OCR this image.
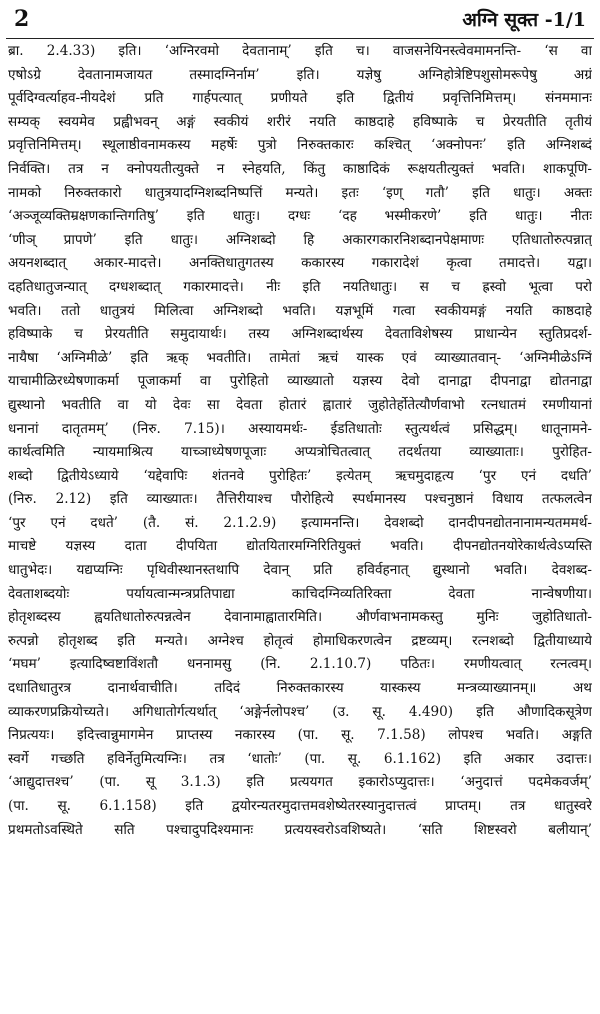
2	अग्नि सूक्त -1/1
ब्रा. 2.4.33) इति। ‘अग्निरवमो देवतानाम्’ इति च। वाजसनेयिनस्त्वेवमामनन्ति- ‘स वा
एषोऽग्रे देवतानामजायत तस्मादग्निर्नाम’ इति। यज्ञेषु अग्निहोत्रेष्टिपशुसोमरूपेषु अग्रं
पूर्वदिग्वर्त्याहव-नीयदेशं प्रति गार्हपत्यात् प्रणीयते इति द्वितीयं प्रवृत्तिनिमित्तम्। संनममानः
सम्यक् स्वयमेव प्रह्वीभवन् अङ्गं स्वकीयं शरीरं नयति काष्ठदाहे हविष्पाके च प्रेरयतीति तृतीयं
प्रवृत्तिनिमित्तम्। स्थूलाष्ठीवनामकस्य महर्षेः पुत्रो निरुक्तकारः कश्चित् ‘अक्नोपनः’ इति अग्निशब्दं
निर्वक्ति। तत्र न क्नोपयतीत्युक्ते न स्नेहयति, किंतु काष्ठादिकं रूक्षयतीत्युक्तं भवति। शाकपूणि-
नामको निरुक्तकारो धातुत्रयादग्निशब्दनिष्पत्तिं मन्यते। इतः ‘इण् गतौ’ इति धातुः। अक्तः
‘अञ्जूव्यक्तिम्रक्षणकान्तिगतिषु’ इति धातुः। दग्धः ‘दह भस्मीकरणे’ इति धातुः। नीतः
‘णीञ् प्रापणे’ इति धातुः। अग्निशब्दो हि अकारगकारनिशब्दानपेक्षमाणः एतिधातोरुत्पन्नात्
अयनशब्दात् अकार-मादत्ते। अनक्तिधातुगतस्य ककारस्य गकारादेशं कृत्वा तमादत्ते। यद्वा।
दहतिधातुजन्यात् दग्धशब्दात् गकारमादत्ते। नीः इति नयतिधातुः। स च ह्रस्वो भूत्वा परो
भवति। ततो धातुत्रयं मिलित्वा अग्निशब्दो भवति। यज्ञभूमिं गत्वा स्वकीयमङ्गं नयति काष्ठदाहे
हविष्पाके च प्रेरयतीति समुदायार्थः। तस्य अग्निशब्दार्थस्य देवताविशेषस्य प्राधान्येन स्तुतिप्रदर्श-
नायैषा ‘अग्निमीळे’ इति ऋक् भवतीति। तामेतां ऋचं यास्क एवं व्याख्यातवान्- ‘अग्निमीळेऽग्निं
याचामीळिरध्येषणाकर्मा पूजाकर्मा वा पुरोहितो व्याख्यातो यज्ञस्य देवो दानाद्वा दीपनाद्वा द्योतनाद्वा
द्युस्थानो भवतीति वा यो देवः सा देवता होतारं ह्वातारं जुहोतेर्होतेत्यौर्णवाभो रत्नधातमं रमणीयानां
धनानां दातृतमम्’ (निरु. 7.15)। अस्यायमर्थः- ईडतिधातोः स्तुत्यर्थत्वं प्रसिद्धम्। धातूनामने-
कार्थत्वमिति न्यायमाश्रित्य याच्ञाध्येषणपूजाः अप्यत्रोचितत्वात् तदर्थतया व्याख्याताः। पुरोहित-
शब्दो द्वितीयेऽध्याये ‘यद्देवापिः शंतनवे पुरोहितः’ इत्येतम् ऋचमुदाहृत्य ‘पुर एनं दधति’
(निरु. 2.12) इति व्याख्यातः। तैत्तिरीयाश्च पौरोहित्ये स्पर्धमानस्य पश्चनुष्ठानं विधाय तत्फलत्वेन
‘पुर एनं दधते’ (तै. सं. 2.1.2.9) इत्यामनन्ति। देवशब्दो दानदीपनद्योतनानामन्यतममर्थ-
माचष्टे यज्ञस्य दाता दीपयिता द्योतयितारमग्निरितियुक्तं भवति। दीपनद्योतनयोरेकार्थत्वेऽप्यस्ति
धातुभेदः। यद्यप्यग्निः पृथिवीस्थानस्तथापि देवान् प्रति हविर्वहनात् द्युस्थानो भवति। देवशब्द-
देवताशब्दयोः पर्यायत्वान्मन्त्रप्रतिपाद्या काचिदग्निव्यतिरिक्ता देवता नान्वेषणीया।
होतृशब्दस्य ह्वयतिधातोरुत्पन्नत्वेन देवानामाह्वातारमिति। और्णवाभनामकस्तु मुनिः जुहोतिधातो-
रुत्पन्नो होतृशब्द इति मन्यते। अग्नेश्च होतृत्वं होमाधिकरणत्वेन द्रष्टव्यम्। रत्नशब्दो द्वितीयाध्याये
‘मघम’ इत्यादिष्वष्टाविंशतौ धननामसु (नि. 2.1.10.7) पठितः। रमणीयत्वात् रत्नत्वम्।
दधातिधातुरत्र दानार्थवाचीति। तदिदं निरुक्तकारस्य यास्कस्य मन्त्रव्याख्यानम्॥ अथ
व्याकरणप्रक्रियोच्यते। अगिधातोर्गत्यर्थात् ‘अङ्गेर्नलोपश्च’ (उ. सू. 4.490) इति औणादिकसूत्रेण
निप्रत्ययः। इदित्त्वान्नुमागमेन प्राप्तस्य नकारस्य (पा. सू. 7.1.58) लोपश्च भवति। अङ्गति
स्वर्गे गच्छति हविर्नेतुमित्यग्निः। तत्र ‘धातोः’ (पा. सू. 6.1.162) इति अकार उदात्तः।
‘आद्युदात्तश्च’ (पा. सू 3.1.3) इति प्रत्ययगत इकारोऽप्युदात्तः। ‘अनुदात्तं पदमेकवर्जम्’
(पा. सू. 6.1.158) इति द्वयोरन्यतरमुदात्तमवशेष्येतरस्यानुदात्तत्वं प्राप्तम्। तत्र धातुस्वरे
प्रथमतोऽवस्थिते सति पश्चादुपदिश्यमानः प्रत्ययस्वरोऽवशिष्यते। ‘सति शिष्टस्वरो बलीयान्’
